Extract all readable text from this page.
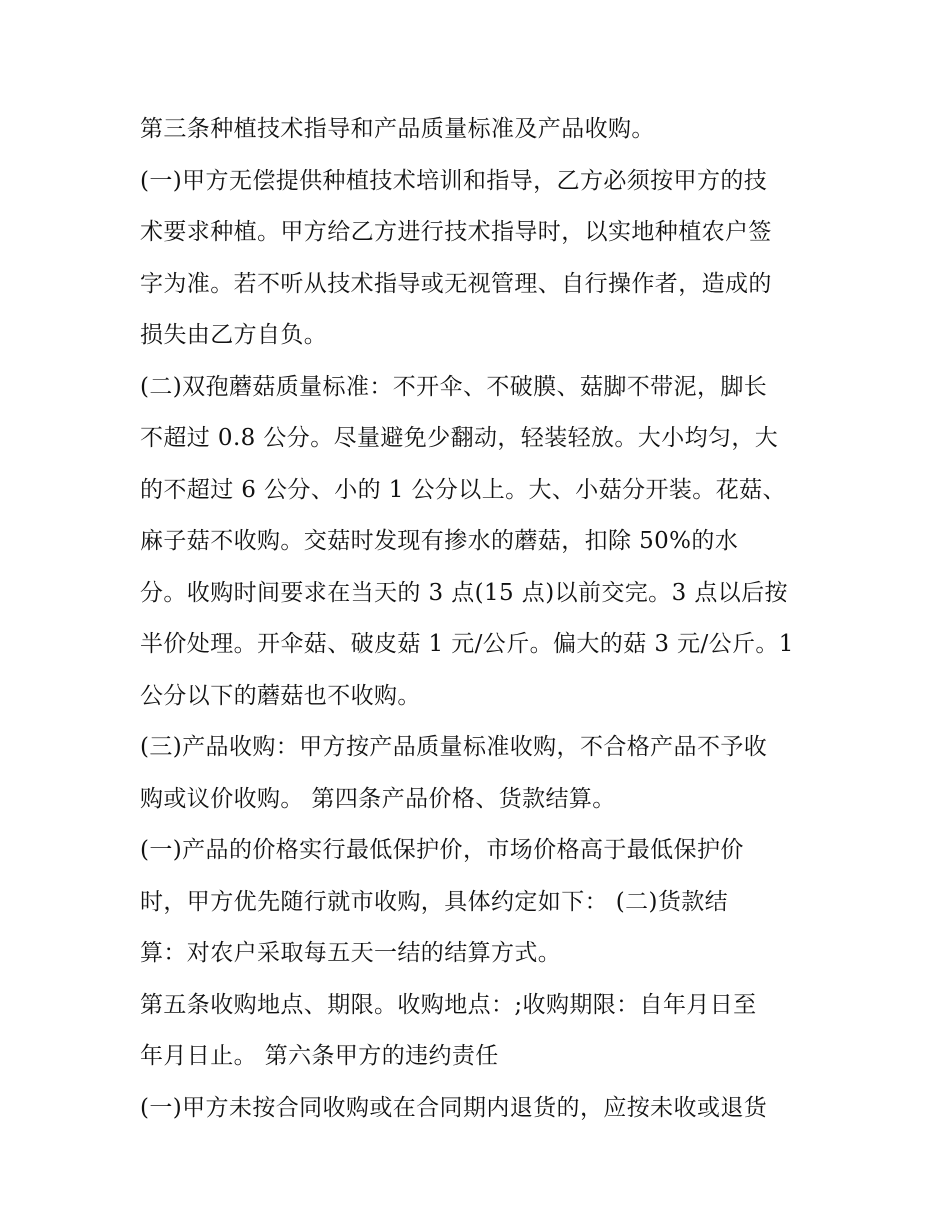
第三条种植技术指导和产品质量标准及产品收购。
(一)甲方无偿提供种植技术培训和指导，乙方必须按甲方的技
术要求种植。甲方给乙方进行技术指导时，以实地种植农户签
字为准。若不听从技术指导或无视管理、自行操作者，造成的
损失由乙方自负。
(二)双孢蘑菇质量标准：不开伞、不破膜、菇脚不带泥，脚长
不超过 0.8 公分。尽量避免少翻动，轻装轻放。大小均匀，大
的不超过 6 公分、小的 1 公分以上。大、小菇分开装。花菇、
麻子菇不收购。交菇时发现有掺水的蘑菇，扣除 50%的水
分。收购时间要求在当天的 3 点(15 点)以前交完。3 点以后按
半价处理。开伞菇、破皮菇 1 元/公斤。偏大的菇 3 元/公斤。1
公分以下的蘑菇也不收购。
(三)产品收购：甲方按产品质量标准收购，不合格产品不予收
购或议价收购。 第四条产品价格、货款结算。
(一)产品的价格实行最低保护价，市场价格高于最低保护价
时，甲方优先随行就市收购，具体约定如下： (二)货款结
算：对农户采取每五天一结的结算方式。
第五条收购地点、期限。收购地点：;收购期限：自年月日至
年月日止。 第六条甲方的违约责任
(一)甲方未按合同收购或在合同期内退货的，应按未收或退货
